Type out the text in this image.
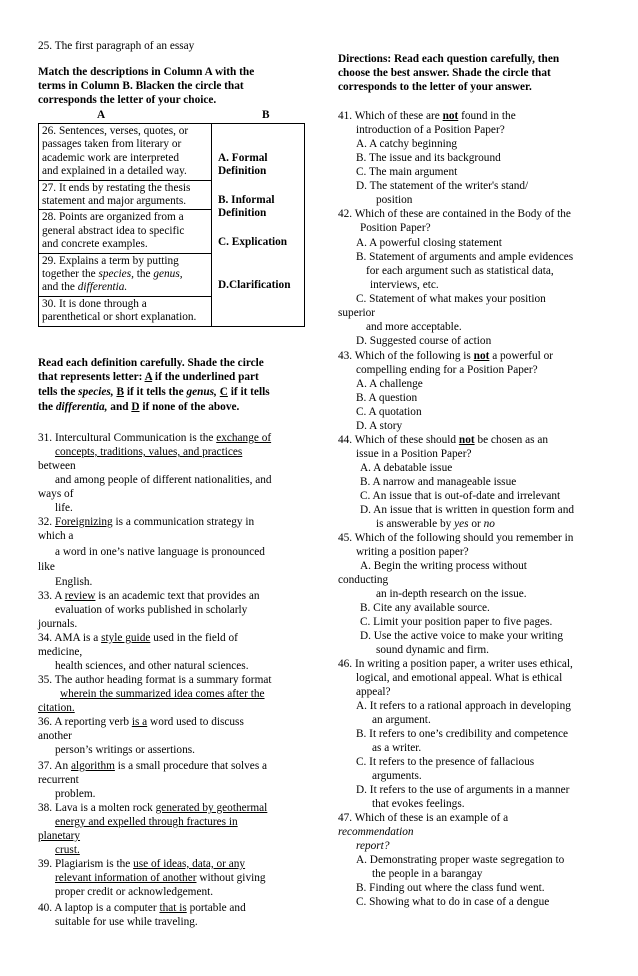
25. The first paragraph of an essay
Match the descriptions in Column A with the
terms in Column B. Blacken the circle that
corresponds the letter of your choice.
A	B
26. Sentences, verses, quotes, or
passages taken from literary or
academic work are interpreted
and explained in a detailed way.

A. Formal
Definition
B. Informal
Definition
C. Explication
D.Clarification

27. It ends by restating the thesis
statement and major arguments.

28. Points are organized from a
general abstract idea to specific
and concrete examples.

29. Explains a term by putting
together the species, the genus,
and the differentia.

30. It is done through a
parenthetical or short explanation.
Read each definition carefully. Shade the circle
that represents letter: A if the underlined part
tells the species, B if it tells the genus, C if it tells
the differentia, and D if none of the above.
31. Intercultural Communication is the exchange of
concepts, traditions, values, and practices
between
and among people of different nationalities, and
ways of
life.
32. Foreignizing is a communication strategy in
which a
a word in one’s native language is pronounced
like
English.
33. A review is an academic text that provides an
evaluation of works published in scholarly
journals.
34. AMA is a style guide used in the field of
medicine,
health sciences, and other natural sciences.
35. The author heading format is a summary format
wherein the summarized idea comes after the
citation.
36. A reporting verb is a word used to discuss
another
person’s writings or assertions.
37. An algorithm is a small procedure that solves a
recurrent
problem.
38. Lava is a molten rock generated by geothermal
energy and expelled through fractures in
planetary
crust.
39. Plagiarism is the use of ideas, data, or any
relevant information of another without giving
proper credit or acknowledgement.
40. A laptop is a computer that is portable and
suitable for use while traveling.
Directions: Read each question carefully, then
choose the best answer. Shade the circle that
corresponds to the letter of your answer.
41. Which of these are not found in the
introduction of a Position Paper?
A. A catchy beginning
B. The issue and its background
C. The main argument
D. The statement of the writer's stand/
position
42. Which of these are contained in the Body of the
Position Paper?
A. A powerful closing statement
B. Statement of arguments and ample evidences
for each argument such as statistical data,
interviews, etc.
C. Statement of what makes your position
superior
and more acceptable.
D. Suggested course of action
43. Which of the following is not a powerful or
compelling ending for a Position Paper?
A. A challenge
B. A question
C. A quotation
D. A story
44. Which of these should not be chosen as an
issue in a Position Paper?
A. A debatable issue
B. A narrow and manageable issue
C. An issue that is out-of-date and irrelevant
D. An issue that is written in question form and
is answerable by yes or no
45. Which of the following should you remember in
writing a position paper?
A. Begin the writing process without
conducting
an in-depth research on the issue.
B. Cite any available source.
C. Limit your position paper to five pages.
D. Use the active voice to make your writing
sound dynamic and firm.
46. In writing a position paper, a writer uses ethical,
logical, and emotional appeal. What is ethical
appeal?
A. It refers to a rational approach in developing
an argument.
B. It refers to one’s credibility and competence
as a writer.
C. It refers to the presence of fallacious
arguments.
D. It refers to the use of arguments in a manner
that evokes feelings.
47. Which of these is an example of a
recommendation
report?
A. Demonstrating proper waste segregation to
the people in a barangay
B. Finding out where the class fund went.
C. Showing what to do in case of a dengue
